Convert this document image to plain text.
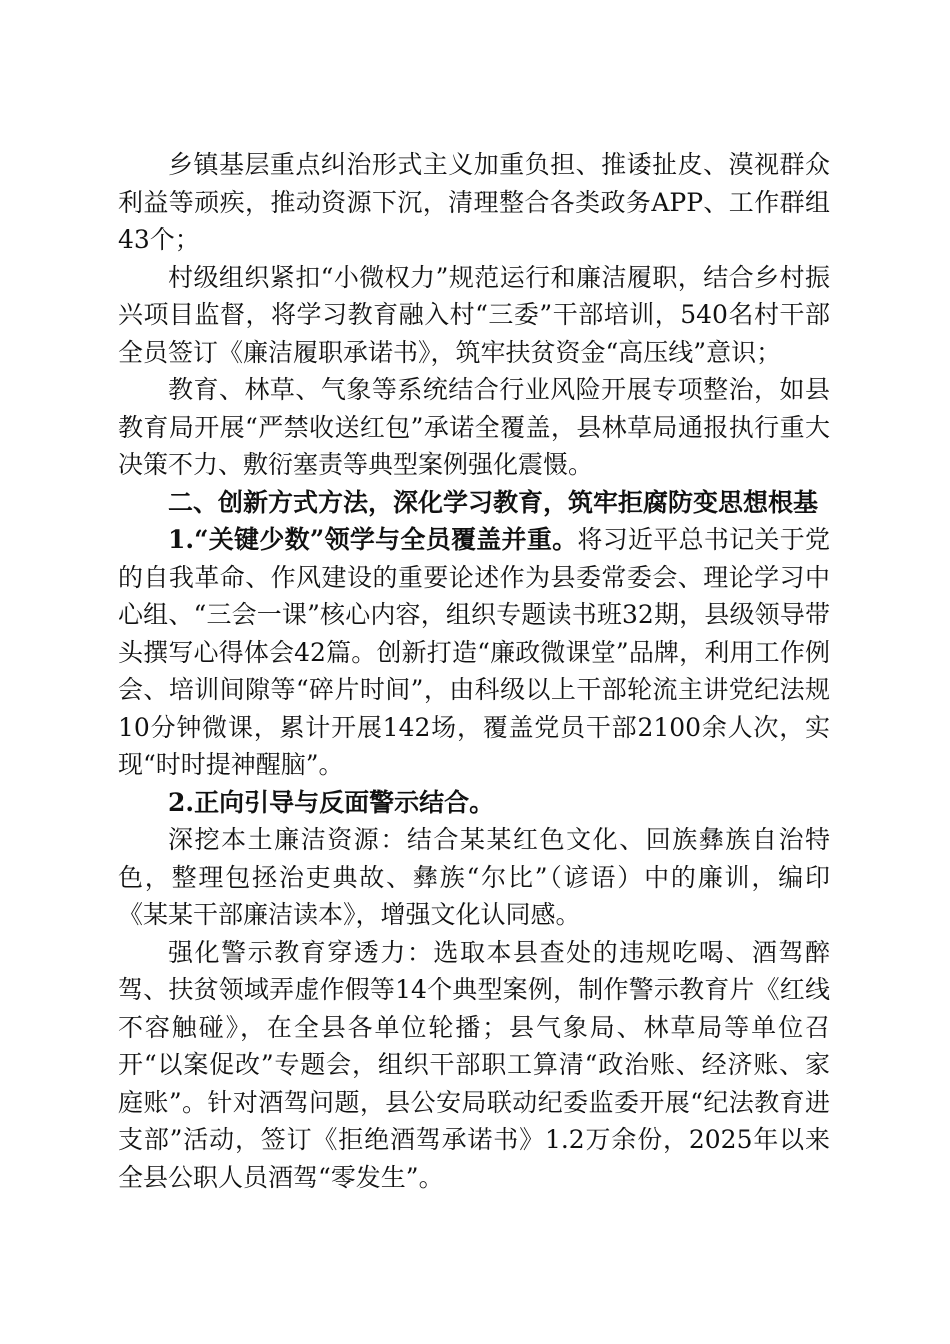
乡镇基层重点纠治形式主义加重负担、推诿扯皮、漠视群众利益等顽疾，推动资源下沉，清理整合各类政务APP、工作群组43个；

村级组织紧扣“小微权力”规范运行和廉洁履职，结合乡村振兴项目监督，将学习教育融入村“三委”干部培训，540名村干部全员签订《廉洁履职承诺书》，筑牢扶贫资金“高压线”意识；

教育、林草、气象等系统结合行业风险开展专项整治，如县教育局开展“严禁收送红包”承诺全覆盖，县林草局通报执行重大决策不力、敷衍塞责等典型案例强化震慑。

二、创新方式方法，深化学习教育，筑牢拒腐防变思想根基

1.“关键少数”领学与全员覆盖并重。将习近平总书记关于党的自我革命、作风建设的重要论述作为县委常委会、理论学习中心组、“三会一课”核心内容，组织专题读书班32期，县级领导带头撰写心得体会42篇。创新打造“廉政微课堂”品牌，利用工作例会、培训间隙等“碎片时间”，由科级以上干部轮流主讲党纪法规10分钟微课，累计开展142场，覆盖党员干部2100余人次，实现“时时提神醒脑”。

2.正向引导与反面警示结合。

深挖本土廉洁资源：结合某某红色文化、回族彝族自治特色，整理包拯治吏典故、彝族“尔比”（谚语）中的廉训，编印《某某干部廉洁读本》，增强文化认同感。

强化警示教育穿透力：选取本县查处的违规吃喝、酒驾醉驾、扶贫领域弄虚作假等14个典型案例，制作警示教育片《红线不容触碰》，在全县各单位轮播；县气象局、林草局等单位召开“以案促改”专题会，组织干部职工算清“政治账、经济账、家庭账”。针对酒驾问题，县公安局联动纪委监委开展“纪法教育进支部”活动，签订《拒绝酒驾承诺书》1.2万余份，2025年以来全县公职人员酒驾“零发生”。
